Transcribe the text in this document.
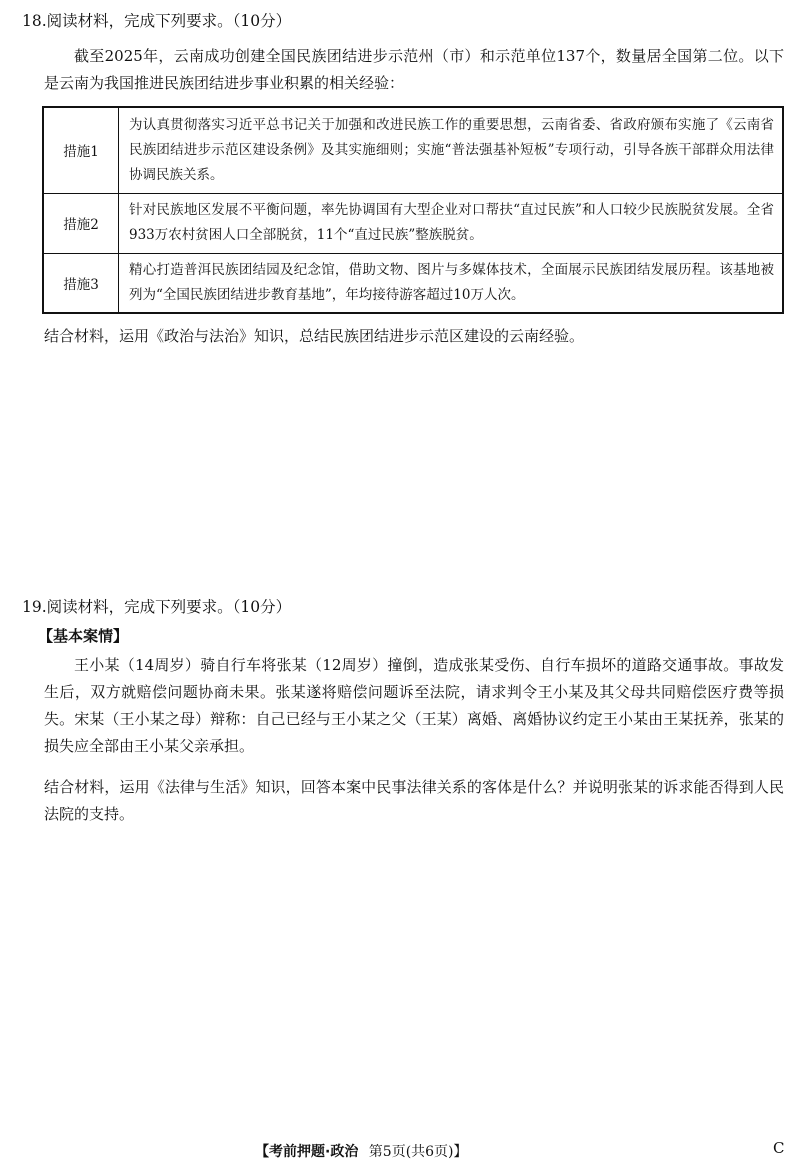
18.阅读材料，完成下列要求。（10分）
截至2025年，云南成功创建全国民族团结进步示范州（市）和示范单位137个，数量居全国第二位。以下是云南为我国推进民族团结进步事业积累的相关经验：
措施1	为认真贯彻落实习近平总书记关于加强和改进民族工作的重要思想，云南省委、省政府颁布实施了《云南省民族团结进步示范区建设条例》及其实施细则；实施“普法强基补短板”专项行动，引导各族干部群众用法律协调民族关系。
措施2	针对民族地区发展不平衡问题，率先协调国有大型企业对口帮扶“直过民族”和人口较少民族脱贫发展。全省933万农村贫困人口全部脱贫，11个“直过民族”整族脱贫。
措施3	精心打造普洱民族团结园及纪念馆，借助文物、图片与多媒体技术，全面展示民族团结发展历程。该基地被列为“全国民族团结进步教育基地”，年均接待游客超过10万人次。
结合材料，运用《政治与法治》知识，总结民族团结进步示范区建设的云南经验。
19.阅读材料，完成下列要求。（10分）
【基本案情】
王小某（14周岁）骑自行车将张某（12周岁）撞倒，造成张某受伤、自行车损坏的道路交通事故。事故发生后，双方就赔偿问题协商未果。张某遂将赔偿问题诉至法院，请求判令王小某及其父母共同赔偿医疗费等损失。宋某（王小某之母）辩称：自己已经与王小某之父（王某）离婚、离婚协议约定王小某由王某抚养，张某的损失应全部由王小某父亲承担。
结合材料，运用《法律与生活》知识，回答本案中民事法律关系的客体是什么？并说明张某的诉求能否得到人民法院的支持。
【考前押题·政治 第5页(共6页)】	C
